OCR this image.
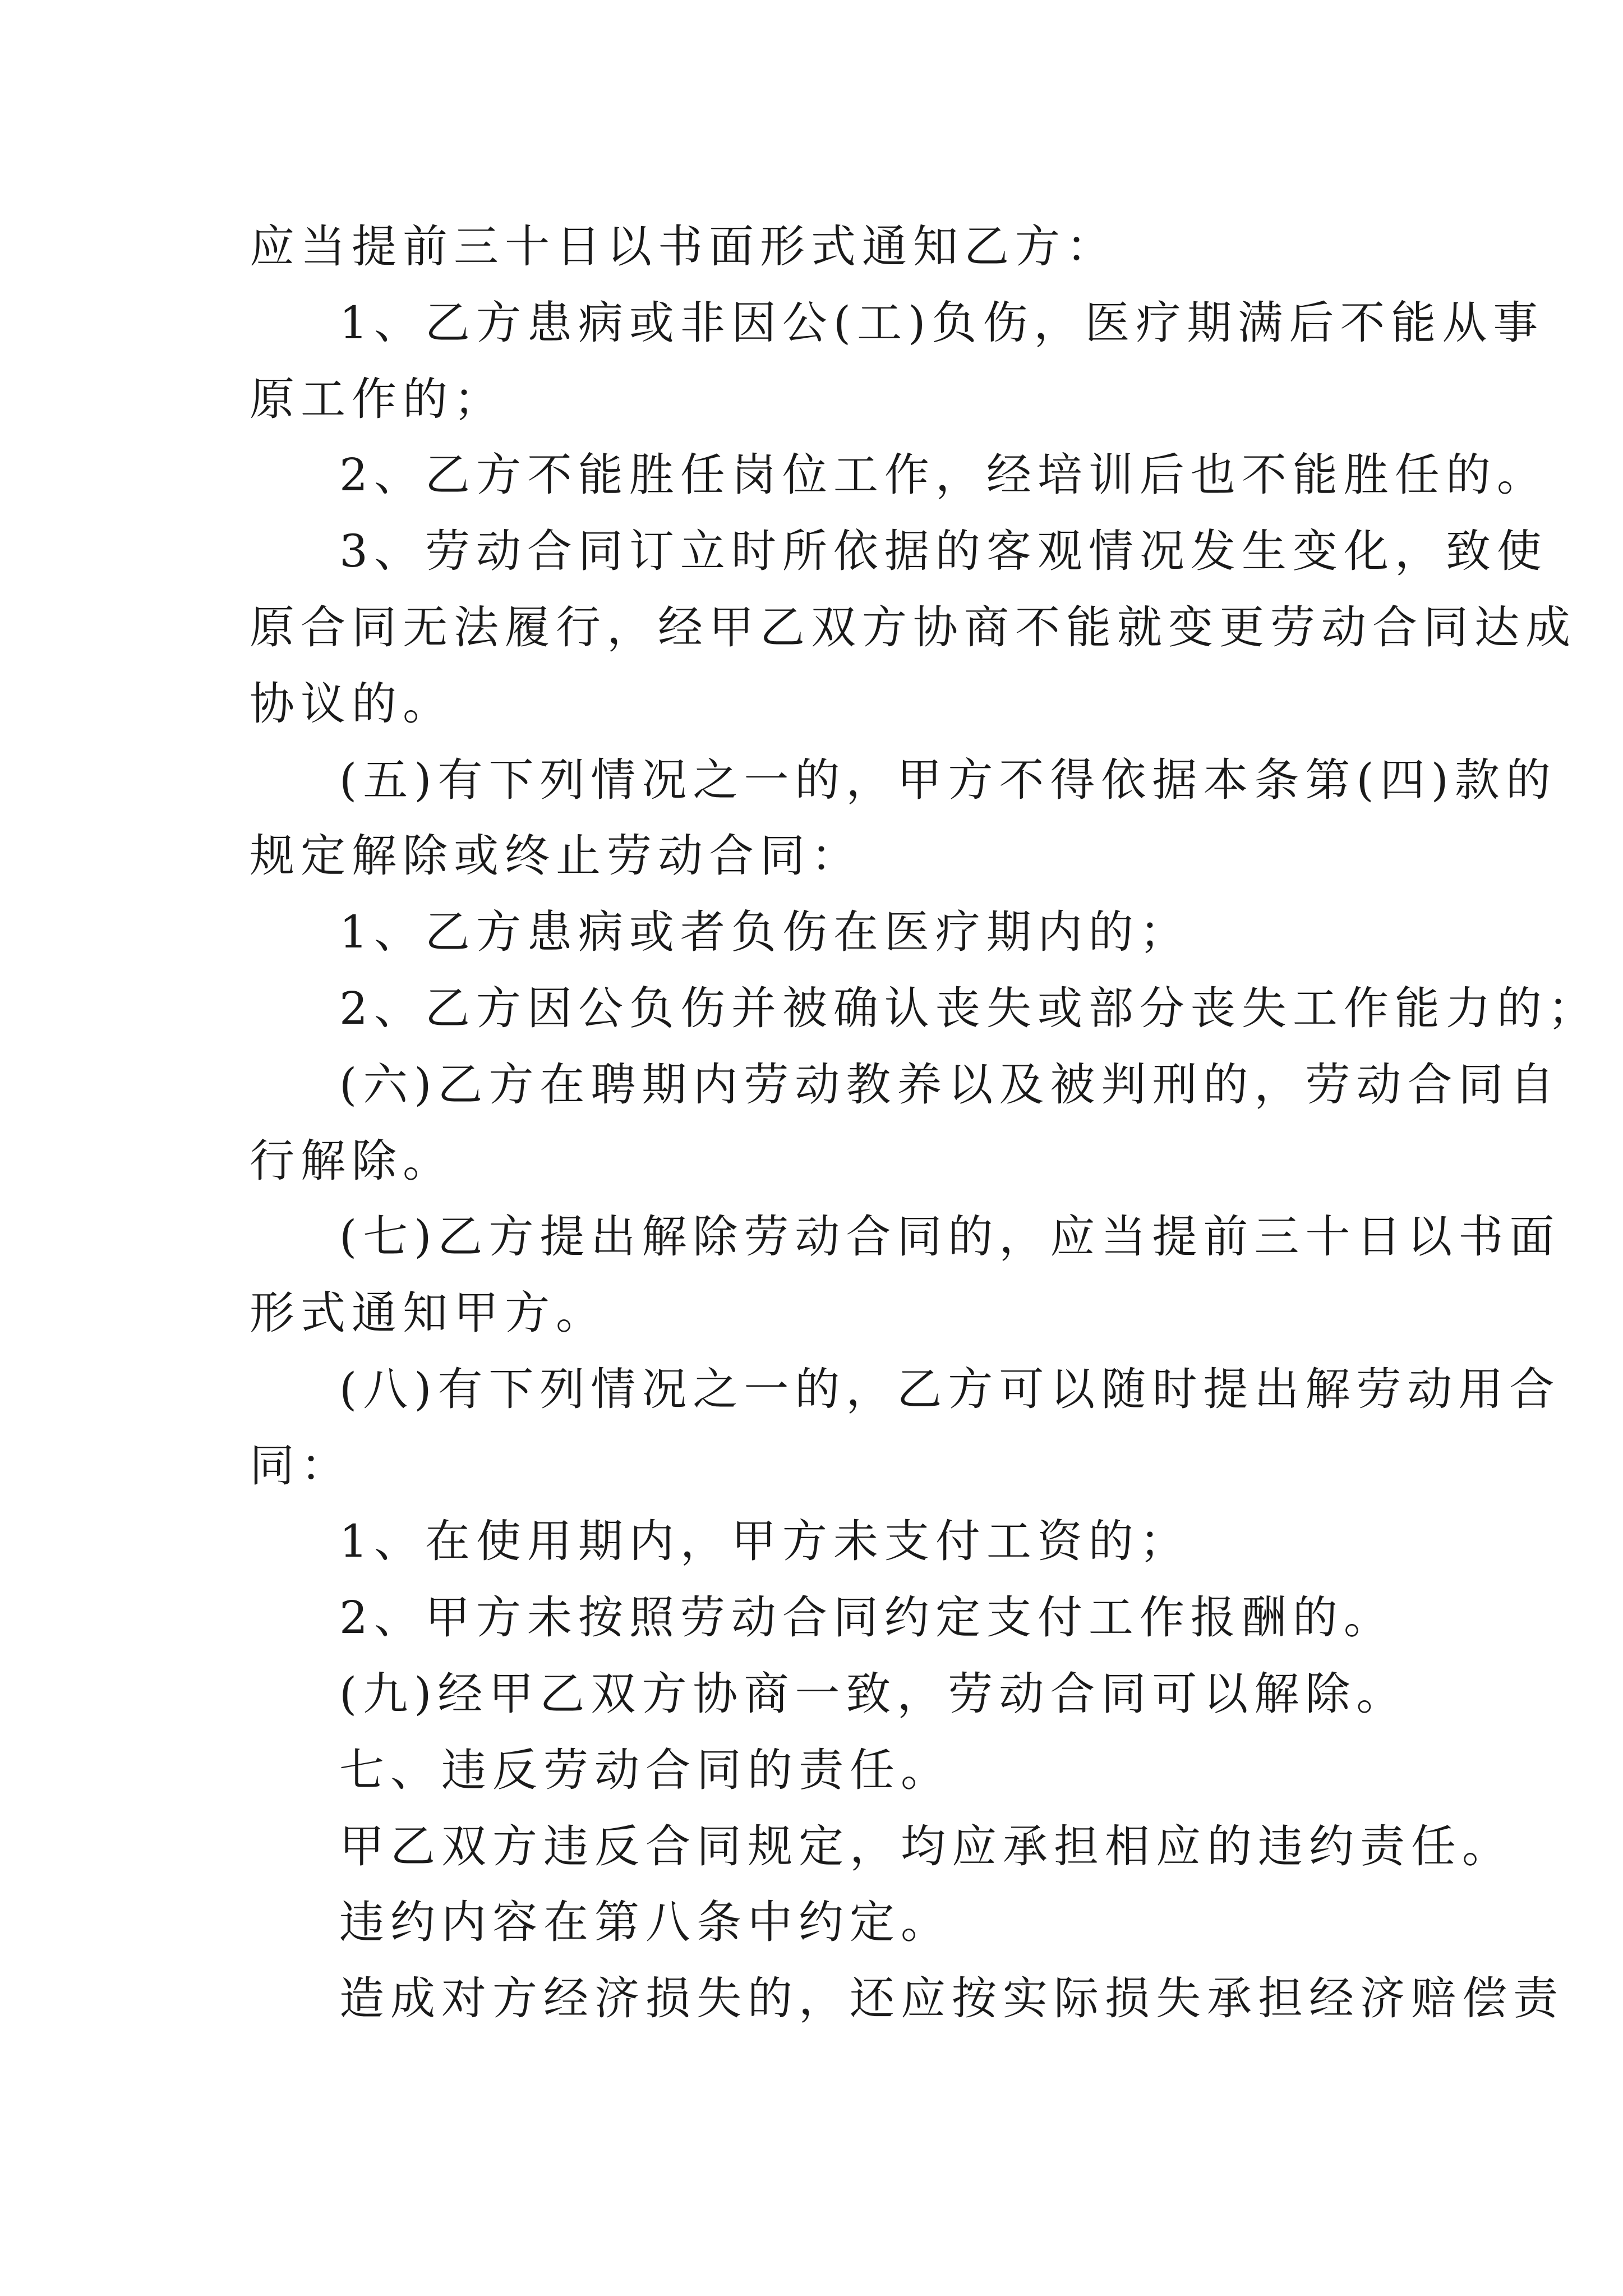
应当提前三十日以书面形式通知乙方：
1、乙方患病或非因公(工)负伤，医疗期满后不能从事
原工作的；
2、乙方不能胜任岗位工作，经培训后也不能胜任的。
3、劳动合同订立时所依据的客观情况发生变化，致使
原合同无法履行，经甲乙双方协商不能就变更劳动合同达成
协议的。
(五)有下列情况之一的，甲方不得依据本条第(四)款的
规定解除或终止劳动合同：
1、乙方患病或者负伤在医疗期内的；
2、乙方因公负伤并被确认丧失或部分丧失工作能力的；
(六)乙方在聘期内劳动教养以及被判刑的，劳动合同自
行解除。
(七)乙方提出解除劳动合同的，应当提前三十日以书面
形式通知甲方。
(八)有下列情况之一的，乙方可以随时提出解劳动用合
同：
1、在使用期内，甲方未支付工资的；
2、甲方未按照劳动合同约定支付工作报酬的。
(九)经甲乙双方协商一致，劳动合同可以解除。
七、违反劳动合同的责任。
甲乙双方违反合同规定，均应承担相应的违约责任。
违约内容在第八条中约定。
造成对方经济损失的，还应按实际损失承担经济赔偿责
